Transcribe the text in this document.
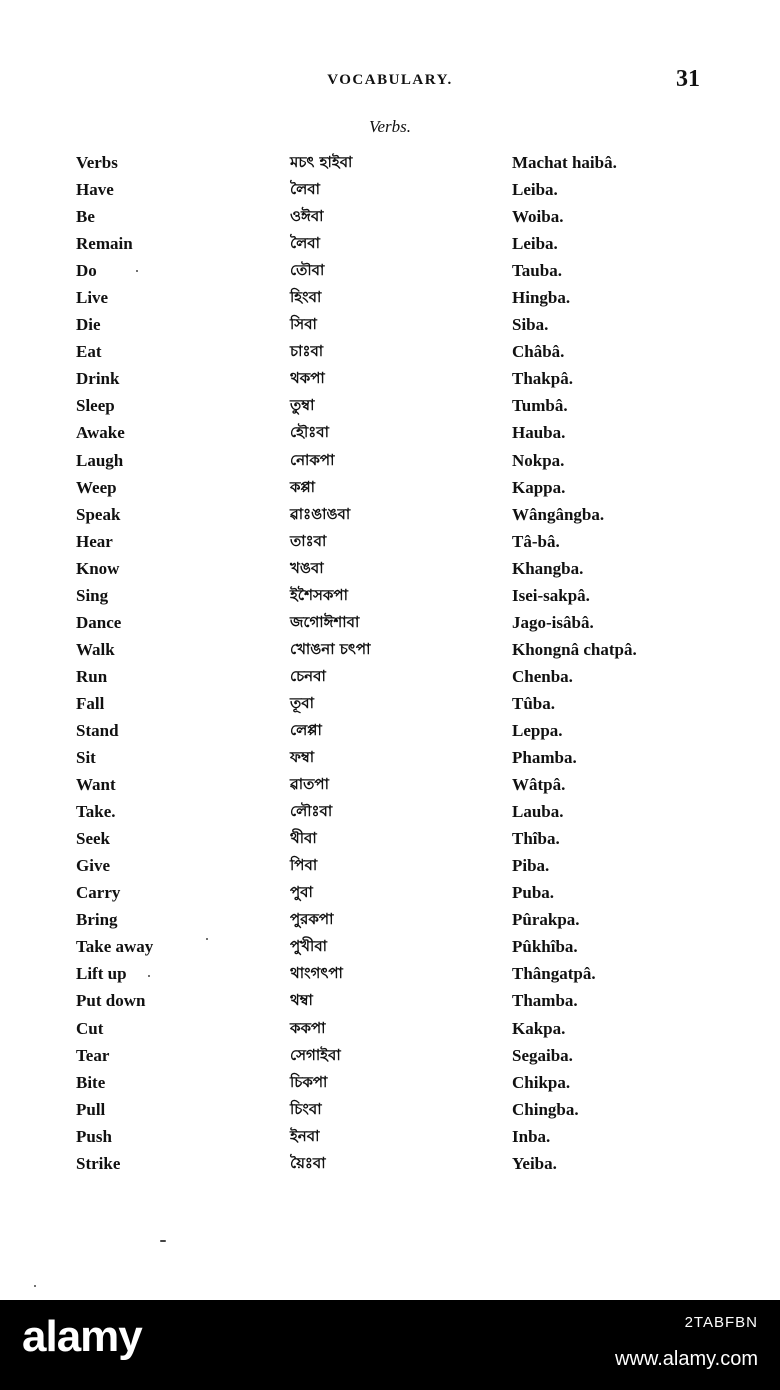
VOCABULARY.	31
Verbs.
Verbs	মচৎ হাইবা	Machat haibâ.
Have	লৈবা	Leiba.
Be	ওঈবা	Woiba.
Remain	লৈবা	Leiba.
Do	তৌবা	Tauba.
Live	হিংবা	Hingba.
Die	সিবা	Siba.
Eat	চাঃবা	Châbâ.
Drink	থকপা	Thakpâ.
Sleep	তুম্বা	Tumbâ.
Awake	হৌঃবা	Hauba.
Laugh	নোকপা	Nokpa.
Weep	কপ্পা	Kappa.
Speak	ৱাঃঙাঙবা	Wângângba.
Hear	তাঃবা	Tâ-bâ.
Know	খঙবা	Khangba.
Sing	ইশৈসকপা	Isei-sakpâ.
Dance	জগোঈশাবা	Jago-isâbâ.
Walk	খোঙনা চৎপা	Khongnâ chatpâ.
Run	চেনবা	Chenba.
Fall	তূবা	Tûba.
Stand	লেপ্পা	Leppa.
Sit	ফম্বা	Phamba.
Want	ৱাতপা	Wâtpâ.
Take.	লৌঃবা	Lauba.
Seek	থীবা	Thîba.
Give	পিবা	Piba.
Carry	পুবা	Puba.
Bring	পুরকপা	Pûrakpa.
Take away	পুখীবা	Pûkhîba.
Lift up	থাংগৎপা	Thângatpâ.
Put down	থম্বা	Thamba.
Cut	ককপা	Kakpa.
Tear	সেগাইবা	Segaiba.
Bite	চিকপা	Chikpa.
Pull	চিংবা	Chingba.
Push	ইনবা	Inba.
Strike	য়ৈঃবা	Yeiba.
alamy	2TABFBN
www.alamy.com
